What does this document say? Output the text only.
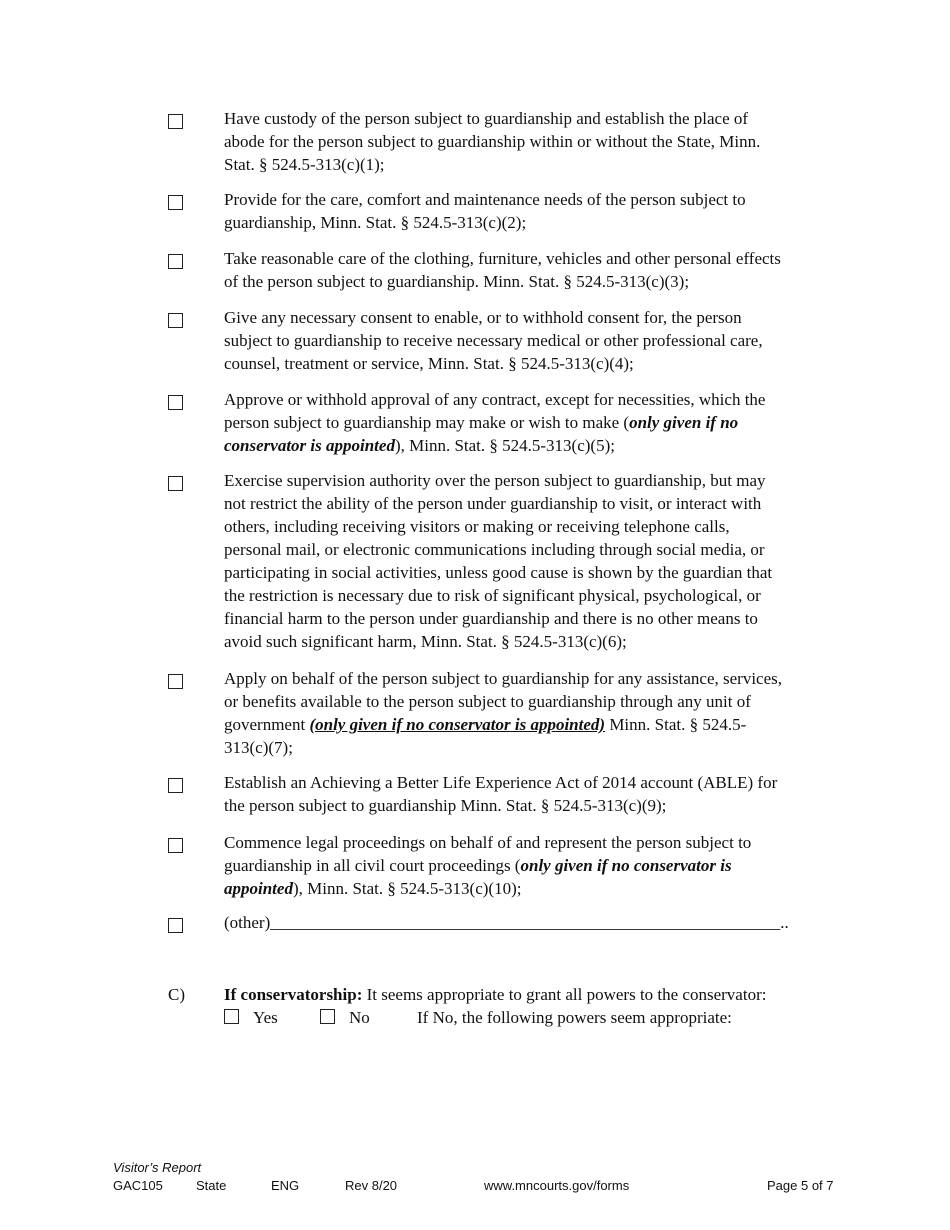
Have custody of the person subject to guardianship and establish the place of
abode for the person subject to guardianship within or without the State, Minn.
Stat. § 524.5-313(c)(1);
Provide for the care, comfort and maintenance needs of the person subject to
guardianship, Minn. Stat. § 524.5-313(c)(2);
Take reasonable care of the clothing, furniture, vehicles and other personal effects
of the person subject to guardianship. Minn. Stat. § 524.5-313(c)(3);
Give any necessary consent to enable, or to withhold consent for, the person
subject to guardianship to receive necessary medical or other professional care,
counsel, treatment or service, Minn. Stat. § 524.5-313(c)(4);
Approve or withhold approval of any contract, except for necessities, which the
person subject to guardianship may make or wish to make (only given if no
conservator is appointed), Minn. Stat. § 524.5-313(c)(5);
Exercise supervision authority over the person subject to guardianship, but may
not restrict the ability of the person under guardianship to visit, or interact with
others, including receiving visitors or making or receiving telephone calls,
personal mail, or electronic communications including through social media, or
participating in social activities, unless good cause is shown by the guardian that
the restriction is necessary due to risk of significant physical, psychological, or
financial harm to the person under guardianship and there is no other means to
avoid such significant harm, Minn. Stat. § 524.5-313(c)(6);
Apply on behalf of the person subject to guardianship for any assistance, services,
or benefits available to the person subject to guardianship through any unit of
government (only given if no conservator is appointed) Minn. Stat. § 524.5-
313(c)(7);
Establish an Achieving a Better Life Experience Act of 2014 account (ABLE) for
the person subject to guardianship Minn. Stat. § 524.5-313(c)(9);
Commence legal proceedings on behalf of and represent the person subject to
guardianship in all civil court proceedings (only given if no conservator is
appointed), Minn. Stat. § 524.5-313(c)(10);
(other)____________________________________________________________..
C) If conservatorship: It seems appropriate to grant all powers to the conservator:
Yes	No	If No, the following powers seem appropriate:
Visitor’s Report
GAC105	State	ENG	Rev 8/20	www.mncourts.gov/forms	Page 5 of 7
